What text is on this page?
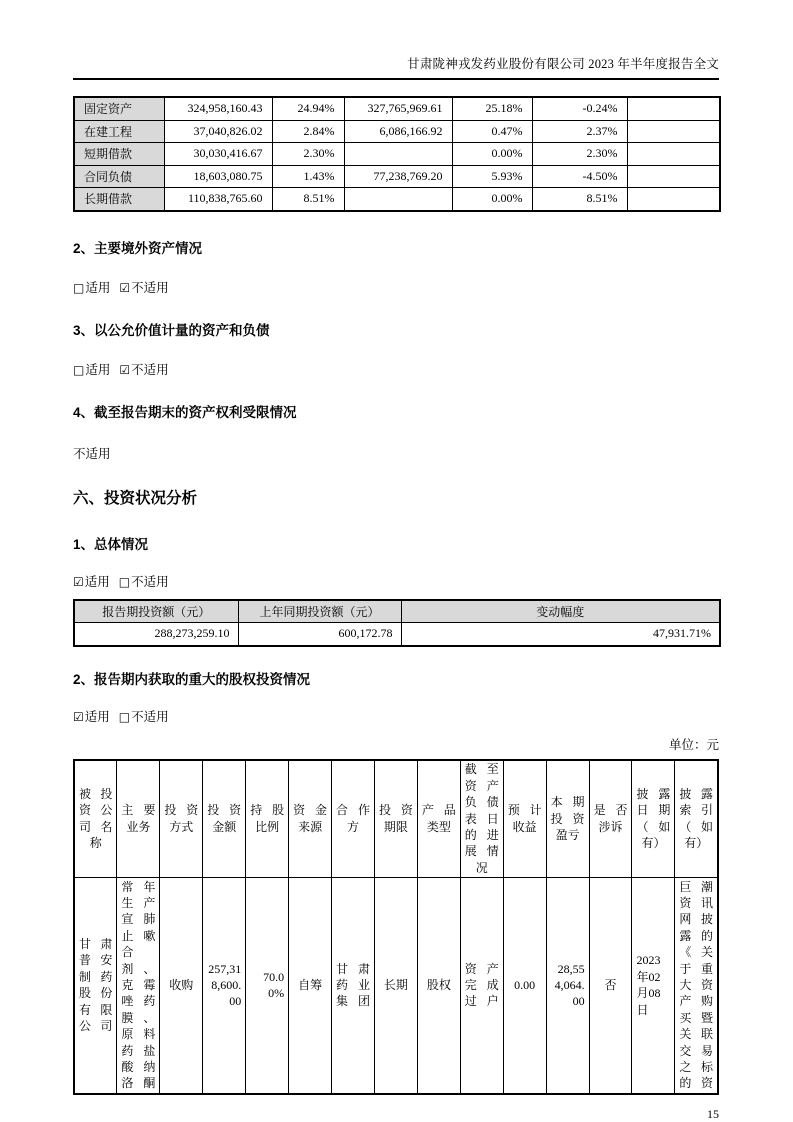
甘肃陇神戎发药业股份有限公司 2023 年半年度报告全文
固定资产	324,958,160.43	24.94%	327,765,969.61	25.18%	-0.24%	
在建工程	37,040,826.02	2.84%	6,086,166.92	0.47%	2.37%	
短期借款	30,030,416.67	2.30%		0.00%	2.30%	
合同负债	18,603,080.75	1.43%	77,238,769.20	5.93%	-4.50%	
长期借款	110,838,765.60	8.51%		0.00%	8.51%	

2、主要境外资产情况

□适用 ☑不适用

3、以公允价值计量的资产和负债

□适用 ☑不适用

4、截至报告期末的资产权利受限情况

不适用

六、投资状况分析

1、总体情况

☑适用 □不适用
报告期投资额（元）	上年同期投资额（元）	变动幅度
288,273,259.10	600,172.78	47,931.71%

2、报告期内获取的重大的股权投资情况

☑适用 □不适用
单位：元
被投资公司名称	主要业务	投资方式	投资金额	持股比例	资金来源	合作方	投资期限	产品类型	截至资产负债表日的进展情况	预计收益	本期投资盈亏	是否涉诉	披露日期（如有）	披露索引（如有）
甘肃普安制药股份有限公司	常年生产宣肺止嗽合剂、克霉唑药膜、原料药盐酸纳洛酮	收购	257,318,600.00	70.00%	自筹	甘肃药业集团	长期	股权	资产完成过户	0.00	28,554,064.00	否	2023年02月08日	巨潮资讯网披露的《关于重大资产购买暨关联交易之标的资
15
